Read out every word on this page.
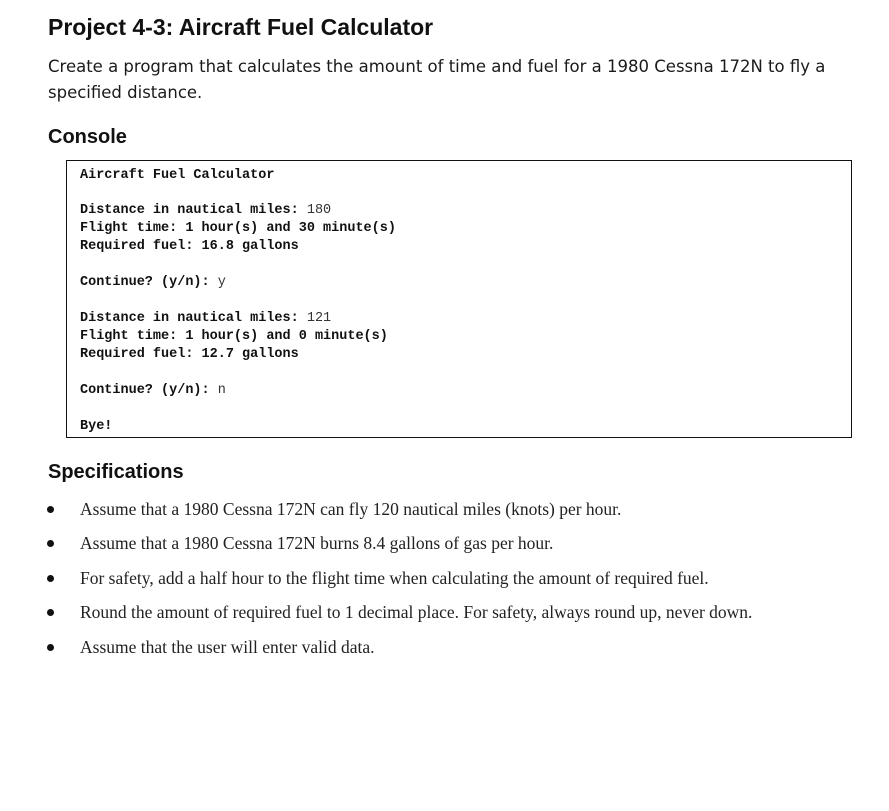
Project 4-3: Aircraft Fuel Calculator

Create a program that calculates the amount of time and fuel for a 1980 Cessna 172N to fly a specified distance.

Console
Aircraft Fuel Calculator
Distance in nautical miles: 180
Flight time: 1 hour(s) and 30 minute(s)
Required fuel: 16.8 gallons
Continue? (y/n): y
Distance in nautical miles: 121
Flight time: 1 hour(s) and 0 minute(s)
Required fuel: 12.7 gallons
Continue? (y/n): n
Bye!
Specifications
Assume that a 1980 Cessna 172N can fly 120 nautical miles (knots) per hour.
Assume that a 1980 Cessna 172N burns 8.4 gallons of gas per hour.
For safety, add a half hour to the flight time when calculating the amount of required fuel.
Round the amount of required fuel to 1 decimal place. For safety, always round up, never down.
Assume that the user will enter valid data.
